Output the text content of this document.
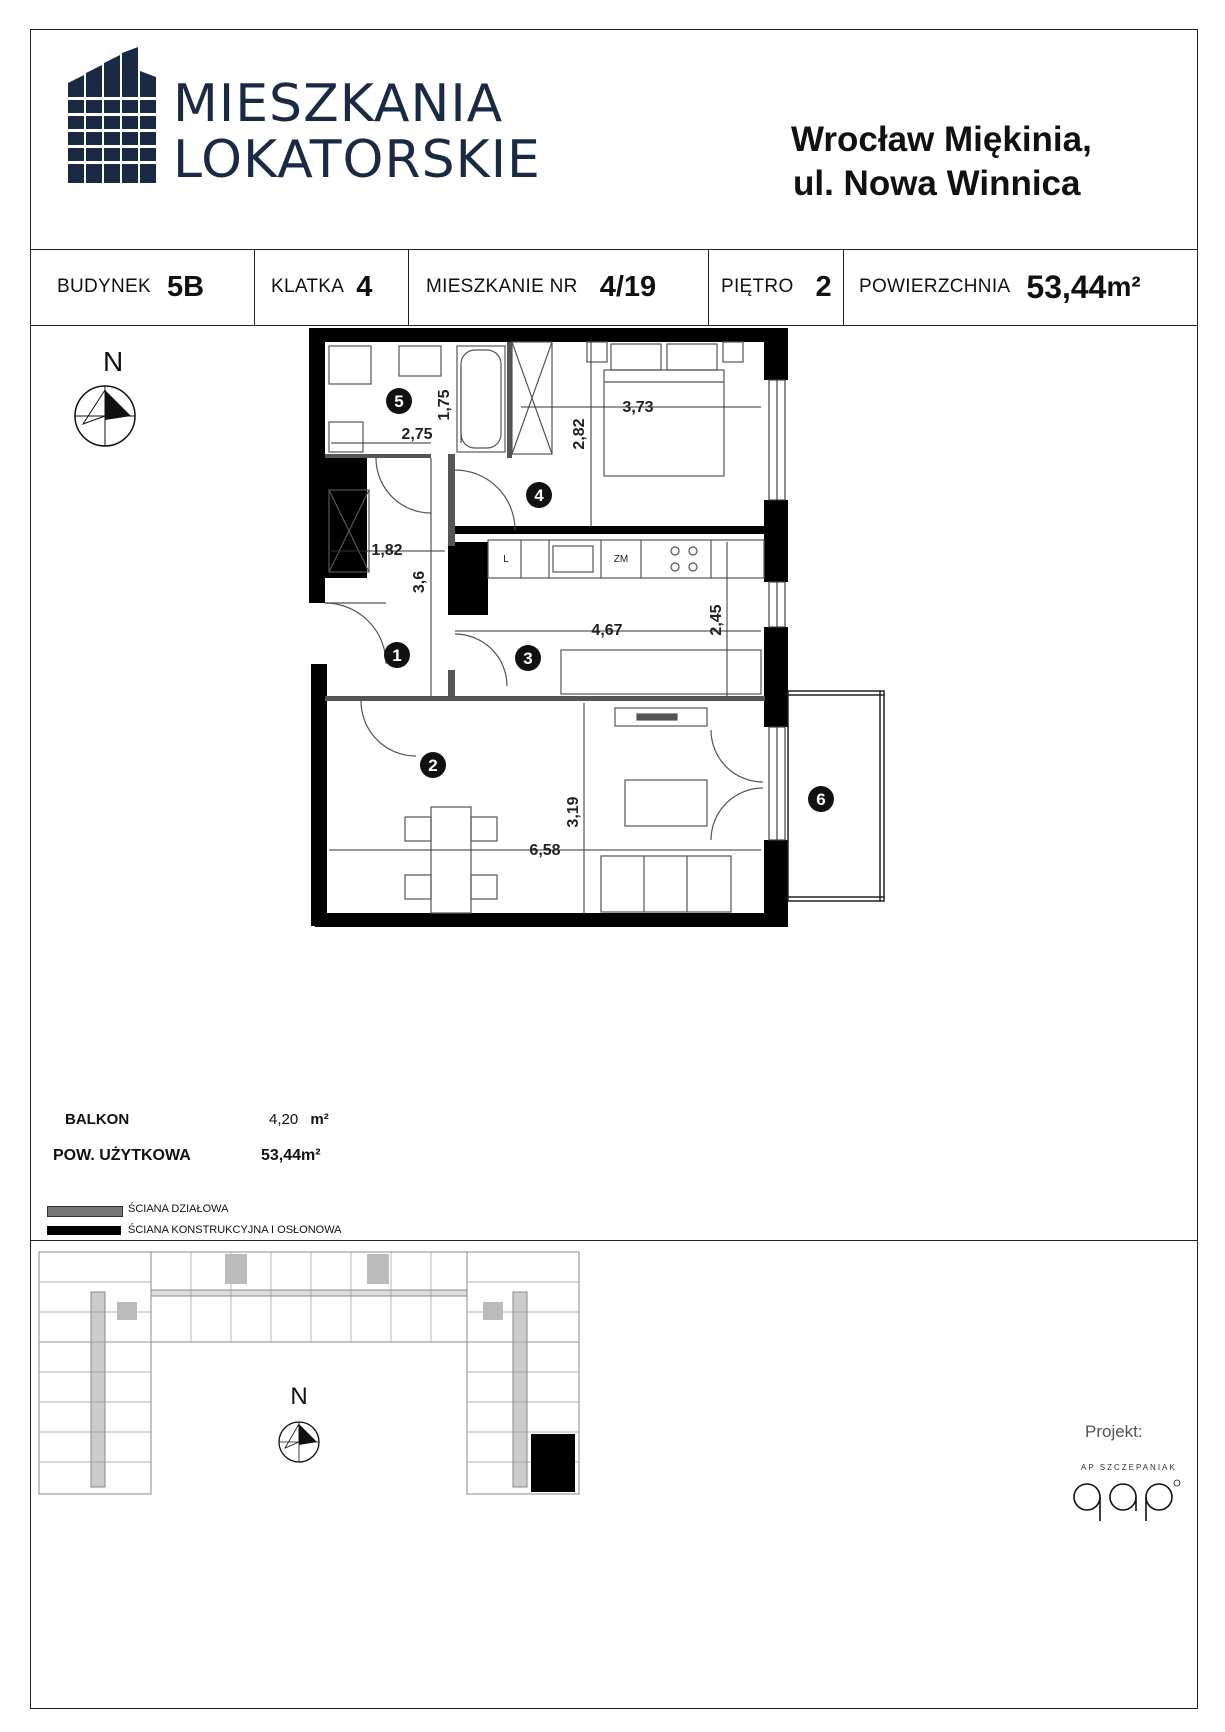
MIESZKANIA
LOKATORSKIE	Wrocław Miękinia,
ul. Nowa Winnica
BUDYNEK 5B	KLATKA 4	MIESZKANIE NR 4/19	PIĘTRO 2 POWIERZCHNIA 53,44 m²
N
1,75
2,75
3,73
2,82
1,82
3,6
4,67	2,45
3,19
6,58
L	ZM
1
2
3
4
5
6
BALKON	4,20 m²
POW. UŻYTKOWA	53,44m²
ŚCIANA DZIAŁOWA
ŚCIANA KONSTRUKCYJNA I OSŁONOWA
N
Projekt:
AP SZCZEPANIAK
